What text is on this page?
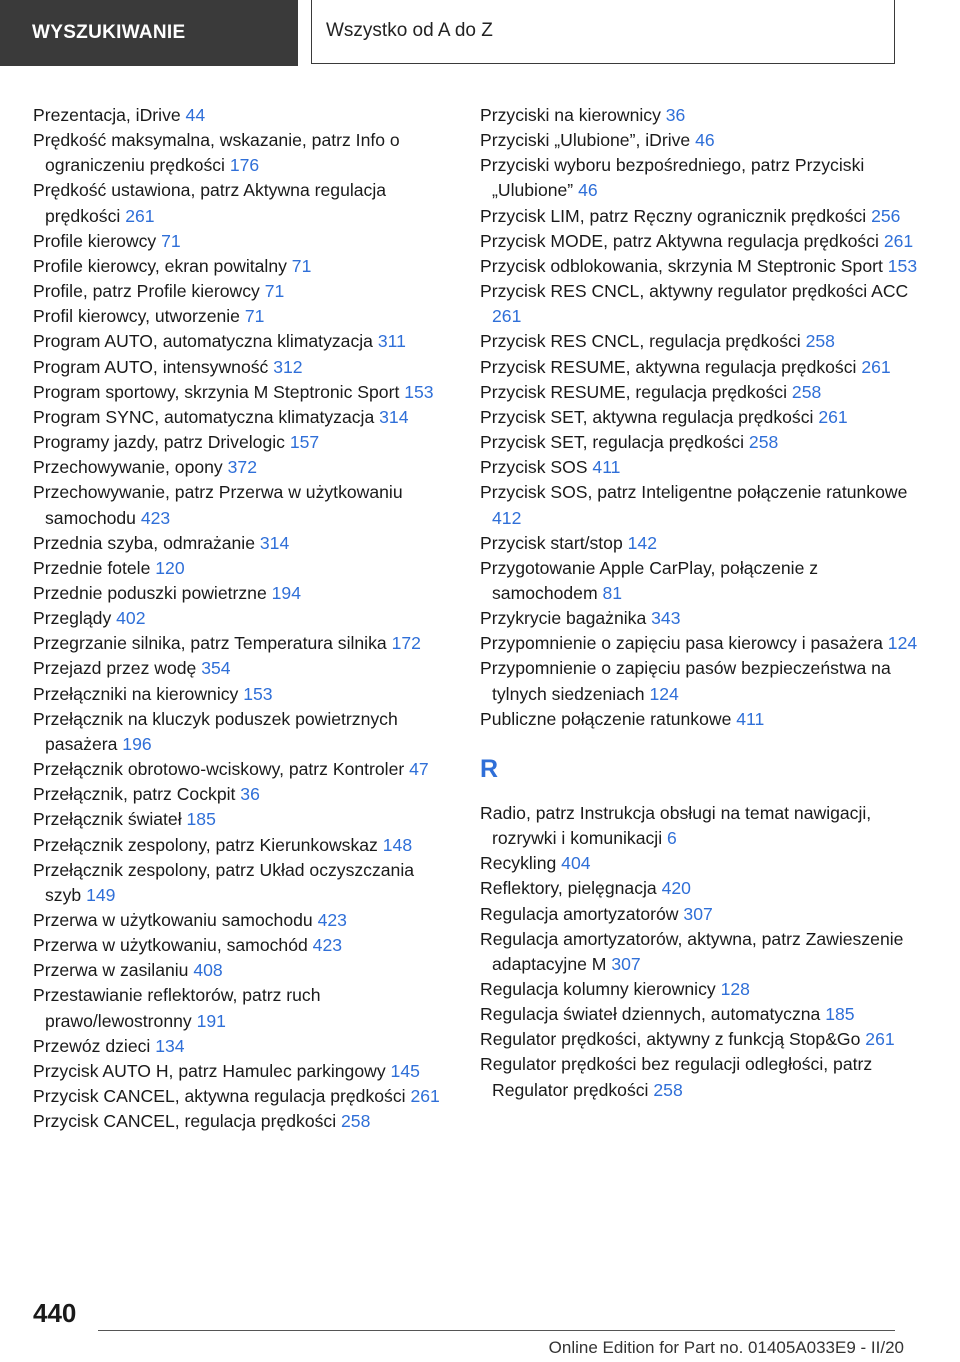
WYSZUKIWANIE	Wszystko od A do Z
Prezentacja, iDrive 44
Prędkość maksymalna, wskazanie, patrz Info o ograniczeniu prędkości 176
Prędkość ustawiona, patrz Aktywna regulacja prędkości 261
Profile kierowcy 71
Profile kierowcy, ekran powitalny 71
Profile, patrz Profile kierowcy 71
Profil kierowcy, utworzenie 71
Program AUTO, automatyczna klimatyzacja 311
Program AUTO, intensywność 312
Program sportowy, skrzynia M Steptronic Sport 153
Program SYNC, automatyczna klimatyzacja 314
Programy jazdy, patrz Drivelogic 157
Przechowywanie, opony 372
Przechowywanie, patrz Przerwa w użytkowaniu samochodu 423
Przednia szyba, odmrażanie 314
Przednie fotele 120
Przednie poduszki powietrzne 194
Przeglądy 402
Przegrzanie silnika, patrz Temperatura silnika 172
Przejazd przez wodę 354
Przełączniki na kierownicy 153
Przełącznik na kluczyk poduszek powietrznych pasażera 196
Przełącznik obrotowo-wciskowy, patrz Kontroler 47
Przełącznik, patrz Cockpit 36
Przełącznik świateł 185
Przełącznik zespolony, patrz Kierunkowskaz 148
Przełącznik zespolony, patrz Układ oczyszczania szyb 149
Przerwa w użytkowaniu samochodu 423
Przerwa w użytkowaniu, samochód 423
Przerwa w zasilaniu 408
Przestawianie reflektorów, patrz ruch prawo/lewostronny 191
Przewóz dzieci 134
Przycisk AUTO H, patrz Hamulec parkingowy 145
Przycisk CANCEL, aktywna regulacja prędkości 261
Przycisk CANCEL, regulacja prędkości 258
Przyciski na kierownicy 36
Przyciski „Ulubione”, iDrive 46
Przyciski wyboru bezpośredniego, patrz Przyciski „Ulubione” 46
Przycisk LIM, patrz Ręczny ogranicznik prędkości 256
Przycisk MODE, patrz Aktywna regulacja prędkości 261
Przycisk odblokowania, skrzynia M Steptronic Sport 153
Przycisk RES CNCL, aktywny regulator prędkości ACC 261
Przycisk RES CNCL, regulacja prędkości 258
Przycisk RESUME, aktywna regulacja prędkości 261
Przycisk RESUME, regulacja prędkości 258
Przycisk SET, aktywna regulacja prędkości 261
Przycisk SET, regulacja prędkości 258
Przycisk SOS 411
Przycisk SOS, patrz Inteligentne połączenie ratunkowe 412
Przycisk start/stop 142
Przygotowanie Apple CarPlay, połączenie z samochodem 81
Przykrycie bagażnika 343
Przypomnienie o zapięciu pasa kierowcy i pasażera 124
Przypomnienie o zapięciu pasów bezpieczeństwa na tylnych siedzeniach 124
Publiczne połączenie ratunkowe 411
R
Radio, patrz Instrukcja obsługi na temat nawigacji, rozrywki i komunikacji 6
Recykling 404
Reflektory, pielęgnacja 420
Regulacja amortyzatorów 307
Regulacja amortyzatorów, aktywna, patrz Zawieszenie adaptacyjne M 307
Regulacja kolumny kierownicy 128
Regulacja świateł dziennych, automatyczna 185
Regulator prędkości, aktywny z funkcją Stop&Go 261
Regulator prędkości bez regulacji odległości, patrz Regulator prędkości 258
440
Online Edition for Part no. 01405A033E9 - II/20
